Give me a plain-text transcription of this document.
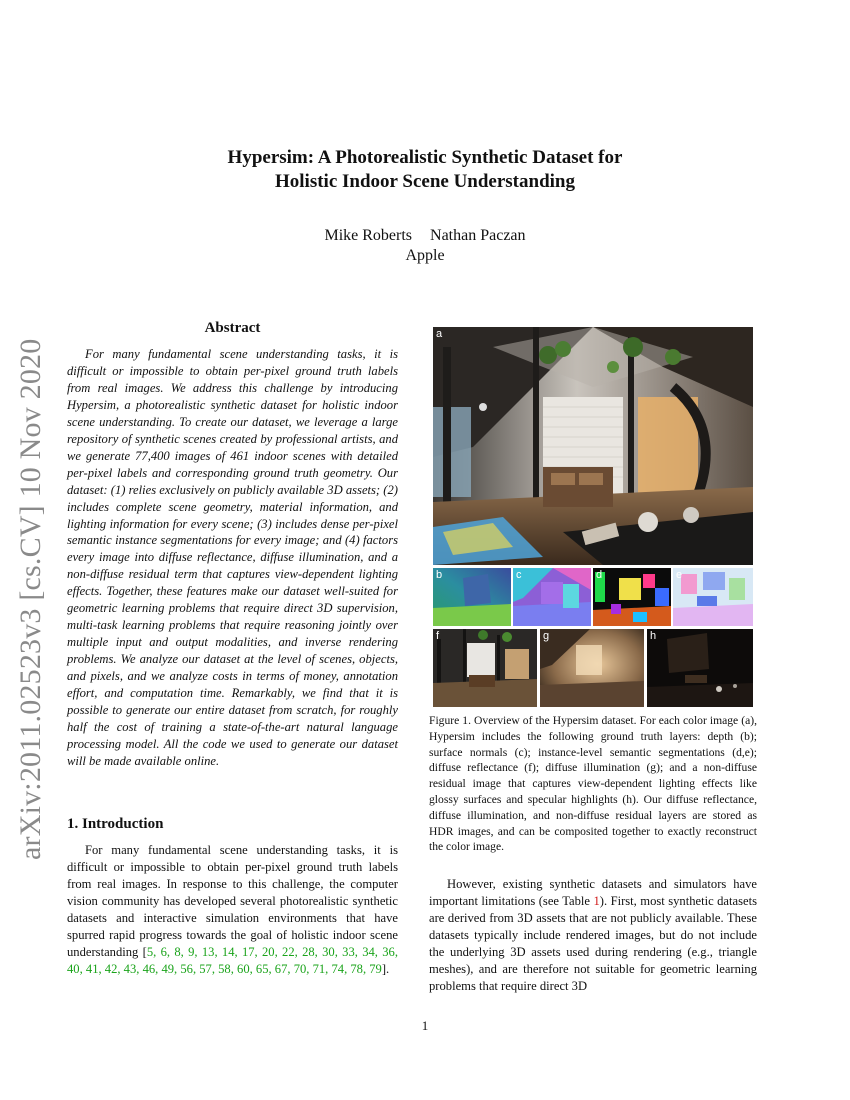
Hypersim: A Photorealistic Synthetic Dataset for
Holistic Indoor Scene Understanding
Mike Roberts Nathan Paczan
Apple
arXiv:2011.02523v3 [cs.CV] 10 Nov 2020
Abstract
For many fundamental scene understanding tasks, it is difficult or impossible to obtain per-pixel ground truth labels from real images. We address this challenge by introducing Hypersim, a photorealistic synthetic dataset for holistic indoor scene understanding. To create our dataset, we leverage a large repository of synthetic scenes created by professional artists, and we generate 77,400 images of 461 indoor scenes with detailed per-pixel labels and corresponding ground truth geometry. Our dataset: (1) relies exclusively on publicly available 3D assets; (2) includes complete scene geometry, material information, and lighting information for every scene; (3) includes dense per-pixel semantic instance segmentations for every image; and (4) factors every image into diffuse reflectance, diffuse illumination, and a non-diffuse residual term that captures view-dependent lighting effects. Together, these features make our dataset well-suited for geometric learning problems that require direct 3D supervision, multi-task learning problems that require reasoning jointly over multiple input and output modalities, and inverse rendering problems. We analyze our dataset at the level of scenes, objects, and pixels, and we analyze costs in terms of money, annotation effort, and computation time. Remarkably, we find that it is possible to generate our entire dataset from scratch, for roughly half the cost of training a state-of-the-art natural language processing model. All the code we used to generate our dataset will be made available online.
1. Introduction
For many fundamental scene understanding tasks, it is difficult or impossible to obtain per-pixel ground truth labels from real images. In response to this challenge, the computer vision community has developed several photorealistic synthetic datasets and interactive simulation environments that have spurred rapid progress towards the goal of holistic indoor scene understanding [5, 6, 8, 9, 13, 14, 17, 20, 22, 28, 30, 33, 34, 36, 40, 41, 42, 43, 46, 49, 56, 57, 58, 60, 65, 67, 70, 71, 74, 78, 79].
a
b	c	d	e
f	g	h
Figure 1. Overview of the Hypersim dataset. For each color image (a), Hypersim includes the following ground truth layers: depth (b); surface normals (c); instance-level semantic segmentations (d,e); diffuse reflectance (f); diffuse illumination (g); and a non-diffuse residual image that captures view-dependent lighting effects like glossy surfaces and specular highlights (h). Our diffuse reflectance, diffuse illumination, and non-diffuse residual layers are stored as HDR images, and can be composited together to exactly reconstruct the color image.
However, existing synthetic datasets and simulators have important limitations (see Table 1). First, most synthetic datasets are derived from 3D assets that are not publicly available. These datasets typically include rendered images, but do not include the underlying 3D assets used during rendering (e.g., triangle meshes), and are therefore not suitable for geometric learning problems that require direct 3D
1
